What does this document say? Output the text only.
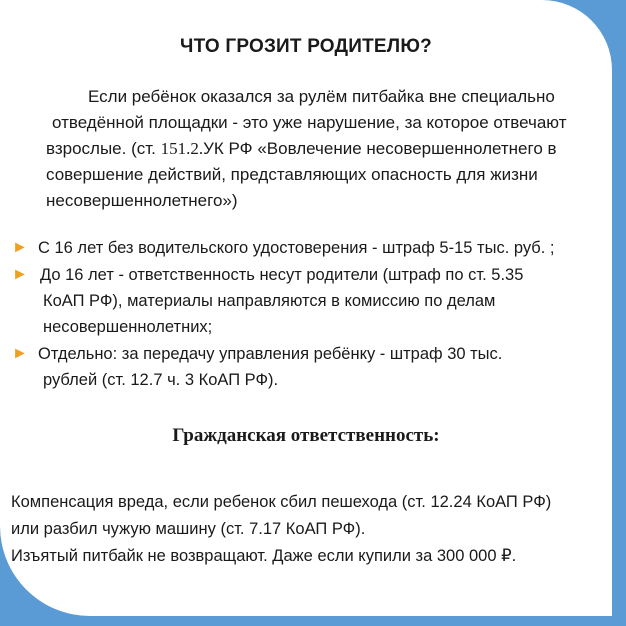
ЧТО ГРОЗИТ РОДИТЕЛЮ?
Если ребёнок оказался за рулём питбайка вне специально
отведённой площадки - это уже нарушение, за которое отвечают
взрослые. (ст. 151.2.УК РФ «Вовлечение несовершеннолетнего в
совершение действий, представляющих опасность для жизни
несовершеннолетнего»)
► С 16 лет без водительского удостоверения - штраф 5-15 тыс. руб. ;
► До 16 лет - ответственность несут родители (штраф по ст. 5.35
КоАП РФ), материалы направляются в комиссию по делам
несовершеннолетних;
► Отдельно: за передачу управления ребёнку - штраф 30 тыс.
рублей (ст. 12.7 ч. 3 КоАП РФ).
Гражданская ответственность:
Компенсация вреда, если ребенок сбил пешехода (ст. 12.24 КоАП РФ)
или разбил чужую машину (ст. 7.17 КоАП РФ).
Изъятый питбайк не возвращают. Даже если купили за 300 000 ₽.
